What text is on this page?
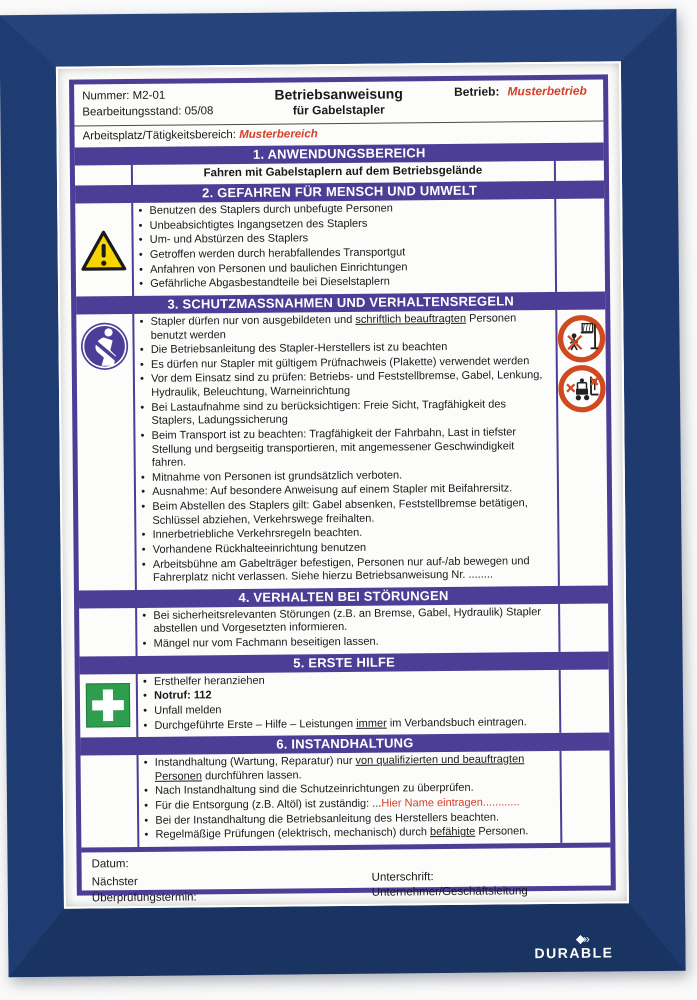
Nummer: M2-01
Bearbeitungsstand: 05/08
Betriebsanweisung
für Gabelstapler
Betrieb: Musterbetrieb
Arbeitsplatz/Tätigkeitsbereich: Musterbereich
1. ANWENDUNGSBEREICH
Fahren mit Gabelstaplern auf dem Betriebsgelände
2. GEFAHREN FÜR MENSCH UND UMWELT
• Benutzen des Staplers durch unbefugte Personen
• Unbeabsichtigtes Ingangsetzen des Staplers
• Um- und Abstürzen des Staplers
• Getroffen werden durch herabfallendes Transportgut
• Anfahren von Personen und baulichen Einrichtungen
• Gefährliche Abgasbestandteile bei Dieselstaplern
3. SCHUTZMASSNAHMEN UND VERHALTENSREGELN
• Stapler dürfen nur von ausgebildeten und schriftlich beauftragten Personen benutzt werden
• Die Betriebsanleitung des Stapler-Herstellers ist zu beachten
• Es dürfen nur Stapler mit gültigem Prüfnachweis (Plakette) verwendet werden
• Vor dem Einsatz sind zu prüfen: Betriebs- und Feststellbremse, Gabel, Lenkung, Hydraulik, Beleuchtung, Warneinrichtung
• Bei Lastaufnahme sind zu berücksichtigen: Freie Sicht, Tragfähigkeit des Staplers, Ladungssicherung
• Beim Transport ist zu beachten: Tragfähigkeit der Fahrbahn, Last in tiefster Stellung und bergseitig transportieren, mit angemessener Geschwindigkeit fahren.
• Mitnahme von Personen ist grundsätzlich verboten.
• Ausnahme: Auf besondere Anweisung auf einem Stapler mit Beifahrersitz.
• Beim Abstellen des Staplers gilt: Gabel absenken, Feststellbremse betätigen, Schlüssel abziehen, Verkehrswege freihalten.
• Innerbetriebliche Verkehrsregeln beachten.
• Vorhandene Rückhalteeinrichtung benutzen
• Arbeitsbühne am Gabelträger befestigen, Personen nur auf-/ab bewegen und Fahrerplatz nicht verlassen. Siehe hierzu Betriebsanweisung Nr. ........
4. VERHALTEN BEI STÖRUNGEN
• Bei sicherheitsrelevanten Störungen (z.B. an Bremse, Gabel, Hydraulik) Stapler abstellen und Vorgesetzten informieren.
• Mängel nur vom Fachmann beseitigen lassen.
5. ERSTE HILFE
• Ersthelfer heranziehen
• Notruf: 112
• Unfall melden
• Durchgeführte Erste – Hilfe – Leistungen immer im Verbandsbuch eintragen.
6. INSTANDHALTUNG
• Instandhaltung (Wartung, Reparatur) nur von qualifizierten und beauftragten Personen durchführen lassen.
• Nach Instandhaltung sind die Schutzeinrichtungen zu überprüfen.
• Für die Entsorgung (z.B. Altöl) ist zuständig: ...Hier Name eintragen............
• Bei der Instandhaltung die Betriebsanleitung des Herstellers beachten.
• Regelmäßige Prüfungen (elektrisch, mechanisch) durch befähigte Personen.
Datum:
Nächster
Überprüfungstermin:
Unterschrift:
Unternehmer/Geschäftsleitung
◆»
DURABLE
